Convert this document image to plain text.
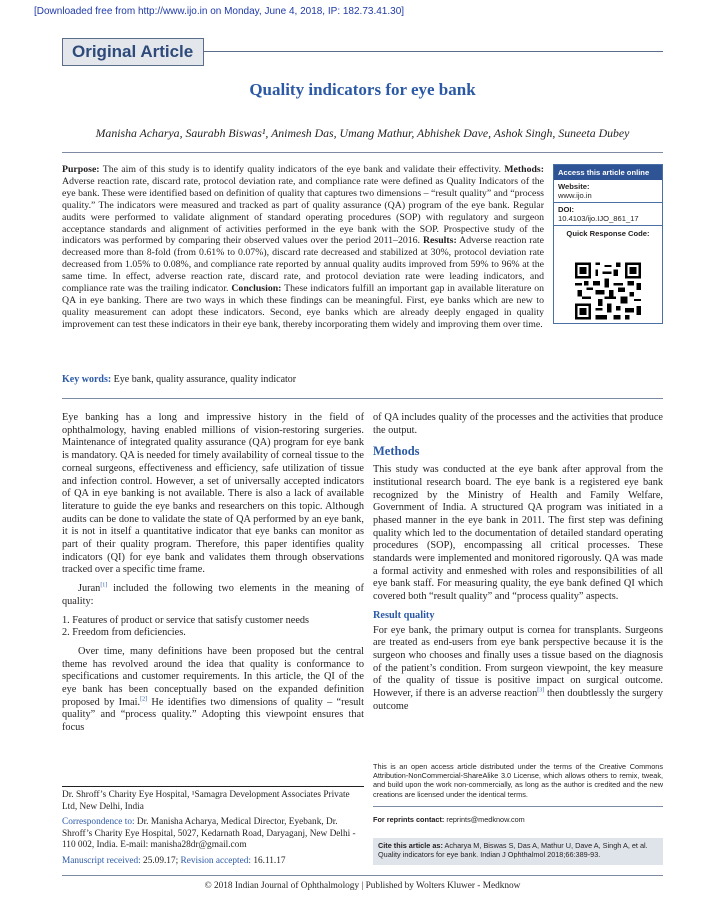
[Downloaded free from http://www.ijo.in on Monday, June 4, 2018, IP: 182.73.41.30]
Original Article
Quality indicators for eye bank
Manisha Acharya, Saurabh Biswas¹, Animesh Das, Umang Mathur, Abhishek Dave, Ashok Singh, Suneeta Dubey
Purpose: The aim of this study is to identify quality indicators of the eye bank and validate their effectivity. Methods: Adverse reaction rate, discard rate, protocol deviation rate, and compliance rate were defined as Quality Indicators of the eye bank. These were identified based on definition of quality that captures two dimensions – “result quality” and “process quality.” The indicators were measured and tracked as part of quality assurance (QA) program of the eye bank. Regular audits were performed to validate alignment of standard operating procedures (SOP) with regulatory and surgeon acceptance standards and alignment of activities performed in the eye bank with the SOP. Prospective study of the indicators was performed by comparing their observed values over the period 2011–2016. Results: Adverse reaction rate decreased more than 8-fold (from 0.61% to 0.07%), discard rate decreased and stabilized at 30%, protocol deviation rate decreased from 1.05% to 0.08%, and compliance rate reported by annual quality audits improved from 59% to 96% at the same time. In effect, adverse reaction rate, discard rate, and protocol deviation rate were leading indicators, and compliance rate was the trailing indicator. Conclusion: These indicators fulfill an important gap in available literature on QA in eye banking. There are two ways in which these findings can be meaningful. First, eye banks which are new to quality measurement can adopt these indicators. Second, eye banks which are already deeply engaged in quality improvement can test these indicators in their eye bank, thereby incorporating them widely and improving them over time.
Key words: Eye bank, quality assurance, quality indicator
Access this article online
Website:
www.ijo.in
DOI:
10.4103/ijo.IJO_861_17
Quick Response Code:

Eye banking has a long and impressive history in the field of ophthalmology, having enabled millions of vision-restoring surgeries. Maintenance of integrated quality assurance (QA) program for eye bank is mandatory. QA is needed for timely availability of corneal tissue to the corneal surgeons, effectiveness and efficiency, safe utilization of tissue and infection control. However, a set of universally accepted indicators of QA in eye banking is not available. There is also a lack of available literature to guide the eye banks and researchers on this topic. Although audits can be done to validate the state of QA performed by an eye bank, it is not in itself a quantitative indicator that eye banks can monitor as part of their quality program. Therefore, this paper identifies quality indicators (QI) for eye bank and validates them through observations tracked over a specific time frame.

Juran[1] included the following two elements in the meaning of quality:

1. Features of product or service that satisfy customer needs
2. Freedom from deficiencies.

Over time, many definitions have been proposed but the central theme has revolved around the idea that quality is conformance to specifications and customer requirements. In this article, the QI of the eye bank has been conceptually based on the expanded definition proposed by Imai.[2] He identifies two dimensions of quality – “result quality” and “process quality.” Adopting this viewpoint ensures that focus

of QA includes quality of the processes and the activities that produce the output.

Methods

This study was conducted at the eye bank after approval from the institutional research board. The eye bank is a registered eye bank recognized by the Ministry of Health and Family Welfare, Government of India. A structured QA program was initiated in a phased manner in the eye bank in 2011. The first step was defining quality which led to the documentation of detailed standard operating procedures (SOP), encompassing all critical processes. These standards were implemented and monitored rigorously. QA was made a formal activity and enmeshed with roles and responsibilities of all eye bank staff. For measuring quality, the eye bank defined QI which covered both “result quality” and “process quality” aspects.

Result quality

For eye bank, the primary output is cornea for transplants. Surgeons are treated as end-users from eye bank perspective because it is the surgeon who chooses and finally uses a tissue based on the diagnosis of the patient’s condition. From surgeon viewpoint, the key measure of the quality of tissue is positive impact on surgical outcome. However, if there is an adverse reaction[3] then doubtlessly the surgery outcome

Dr. Shroff’s Charity Eye Hospital, ¹Samagra Development Associates Private Ltd, New Delhi, India
Correspondence to: Dr. Manisha Acharya, Medical Director, Eyebank, Dr. Shroff’s Charity Eye Hospital, 5027, Kedarnath Road, Daryaganj, New Delhi - 110 002, India. E-mail: manisha28dr@gmail.com
Manuscript received: 25.09.17; Revision accepted: 16.11.17
This is an open access article distributed under the terms of the Creative Commons Attribution-NonCommercial-ShareAlike 3.0 License, which allows others to remix, tweak, and build upon the work non-commercially, as long as the author is credited and the new creations are licensed under the identical terms.
For reprints contact: reprints@medknow.com
Cite this article as: Acharya M, Biswas S, Das A, Mathur U, Dave A, Singh A, et al. Quality indicators for eye bank. Indian J Ophthalmol 2018;66:389-93.
© 2018 Indian Journal of Ophthalmology | Published by Wolters Kluwer - Medknow
